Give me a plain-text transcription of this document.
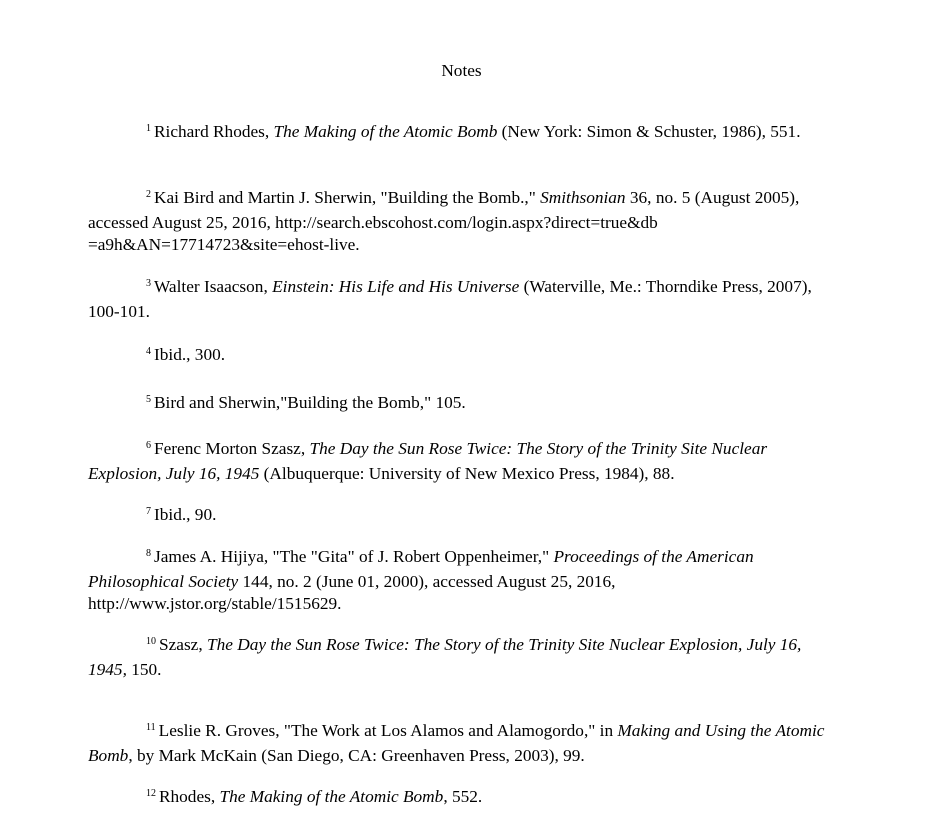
Notes

$^1$ Richard Rhodes, The Making of the Atomic Bomb (New York: Simon & Schuster, 1986), 551.

$^2$ Kai Bird and Martin J. Sherwin, "Building the Bomb.," Smithsonian 36, no. 5 (August 2005), accessed August 25, 2016, http://search.ebscohost.com/login.aspx?direct=true&db =a9h&AN=17714723&site=ehost-live.

$^3$ Walter Isaacson, Einstein: His Life and His Universe (Waterville, Me.: Thorndike Press, 2007), 100-101.

$^4$ Ibid., 300.

$^5$ Bird and Sherwin,"Building the Bomb," 105.

$^6$ Ferenc Morton Szasz, The Day the Sun Rose Twice: The Story of the Trinity Site Nuclear Explosion, July 16, 1945 (Albuquerque: University of New Mexico Press, 1984), 88.

$^7$ Ibid., 90.

$^8$ James A. Hijiya, "The "Gita" of J. Robert Oppenheimer," Proceedings of the American Philosophical Society 144, no. 2 (June 01, 2000), accessed August 25, 2016, http://www.jstor.org/stable/1515629.

$^{10}$ Szasz, The Day the Sun Rose Twice: The Story of the Trinity Site Nuclear Explosion, July 16, 1945, 150.

$^{11}$ Leslie R. Groves, "The Work at Los Alamos and Alamogordo," in Making and Using the Atomic Bomb, by Mark McKain (San Diego, CA: Greenhaven Press, 2003), 99.

$^{12}$ Rhodes, The Making of the Atomic Bomb, 552.
